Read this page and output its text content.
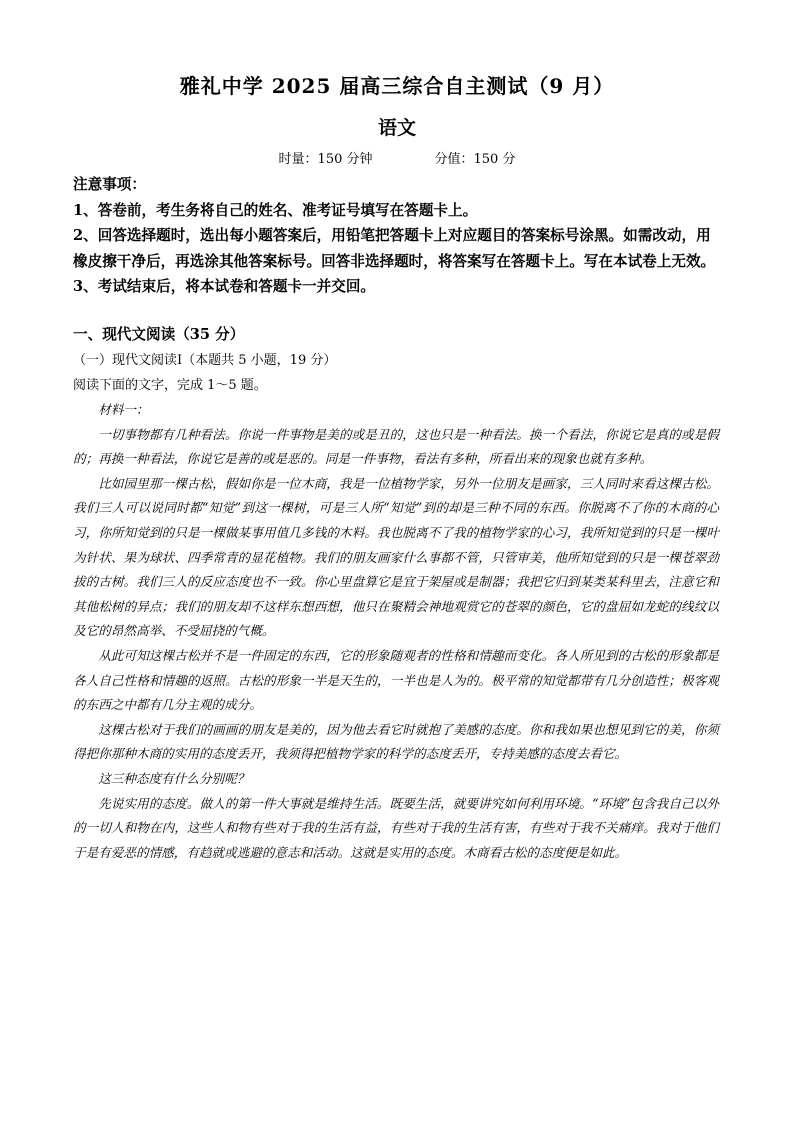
雅礼中学 2025 届高三综合自主测试（9 月）
语文
时量：150 分钟	分值：150 分

注意事项：

1、答卷前，考生务将自己的姓名、准考证号填写在答题卡上。

2、回答选择题时，选出每小题答案后，用铅笔把答题卡上对应题目的答案标号涂黑。如需改动，用橡皮擦干净后，再选涂其他答案标号。回答非选择题时，将答案写在答题卡上。写在本试卷上无效。

3、考试结束后，将本试卷和答题卡一并交回。

一、现代文阅读（35 分）
（一）现代文阅读Ⅰ（本题共 5 小题，19 分）
阅读下面的文字，完成 1～5 题。

材料一：

一切事物都有几种看法。你说一件事物是美的或是丑的，这也只是一种看法。换一个看法，你说它是真的或是假的；再换一种看法，你说它是善的或是恶的。同是一件事物，看法有多种，所看出来的现象也就有多种。

比如园里那一棵古松，假如你是一位木商，我是一位植物学家，另外一位朋友是画家，三人同时来看这棵古松。我们三人可以说同时都“知觉”到这一棵树，可是三人所“知觉”到的却是三种不同的东西。你脱离不了你的木商的心习，你所知觉到的只是一棵做某事用值几多钱的木料。我也脱离不了我的植物学家的心习，我所知觉到的只是一棵叶为针状、果为球状、四季常青的显花植物。我们的朋友画家什么事都不管，只管审美，他所知觉到的只是一棵苍翠劲拔的古树。我们三人的反应态度也不一致。你心里盘算它是宜于架屋或是制器；我把它归到某类某科里去，注意它和其他松树的异点；我们的朋友却不这样东想西想，他只在聚精会神地观赏它的苍翠的颜色，它的盘屈如龙蛇的线纹以及它的昂然高举、不受屈挠的气概。

从此可知这棵古松并不是一件固定的东西，它的形象随观者的性格和情趣而变化。各人所见到的古松的形象都是各人自己性格和情趣的返照。古松的形象一半是天生的，一半也是人为的。极平常的知觉都带有几分创造性；极客观的东西之中都有几分主观的成分。

这棵古松对于我们的画画的朋友是美的，因为他去看它时就抱了美感的态度。你和我如果也想见到它的美，你须得把你那种木商的实用的态度丢开，我须得把植物学家的科学的态度丢开，专持美感的态度去看它。

这三种态度有什么分别呢？

先说实用的态度。做人的第一件大事就是维持生活。既要生活，就要讲究如何利用环境。“环境”包含我自己以外的一切人和物在内，这些人和物有些对于我的生活有益，有些对于我的生活有害，有些对于我不关痛痒。我对于他们于是有爱恶的情感，有趋就或逃避的意志和活动。这就是实用的态度。木商看古松的态度便是如此。
